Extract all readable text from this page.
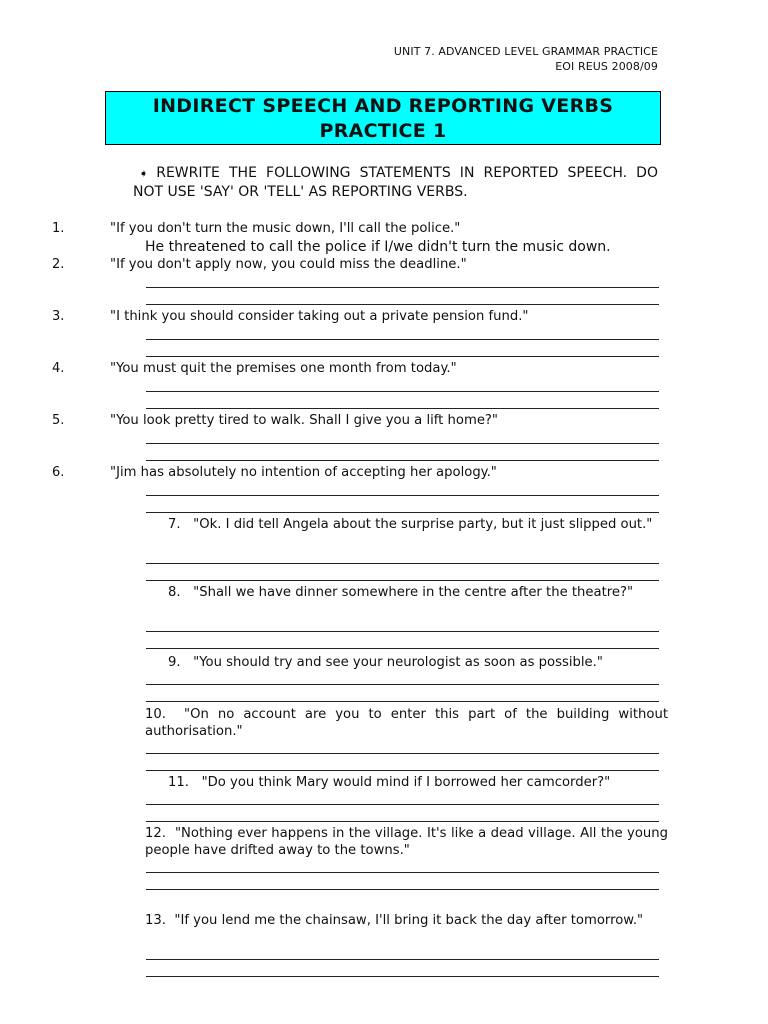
UNIT 7. ADVANCED LEVEL GRAMMAR PRACTICE
EOI REUS 2008/09
INDIRECT SPEECH AND REPORTING VERBS
PRACTICE 1
➧ REWRITE THE FOLLOWING STATEMENTS IN REPORTED SPEECH. DO NOT USE 'SAY' OR 'TELL' AS REPORTING VERBS.
1.	"If you don't turn the music down, I'll call the police."
He threatened to call the police if I/we didn't turn the music down.
2.	"If you don't apply now, you could miss the deadline."
3.	"I think you should consider taking out a private pension fund."
4.	"You must quit the premises one month from today."
5.	"You look pretty tired to walk. Shall I give you a lift home?"
6.	"Jim has absolutely no intention of accepting her apology."
7. "Ok. I did tell Angela about the surprise party, but it just slipped out."
8. "Shall we have dinner somewhere in the centre after the theatre?"
9. "You should try and see your neurologist as soon as possible."
10. "On no account are you to enter this part of the building without authorisation."
11. "Do you think Mary would mind if I borrowed her camcorder?"
12. "Nothing ever happens in the village. It's like a dead village. All the young people have drifted away to the towns."
13. "If you lend me the chainsaw, I'll bring it back the day after tomorrow."
